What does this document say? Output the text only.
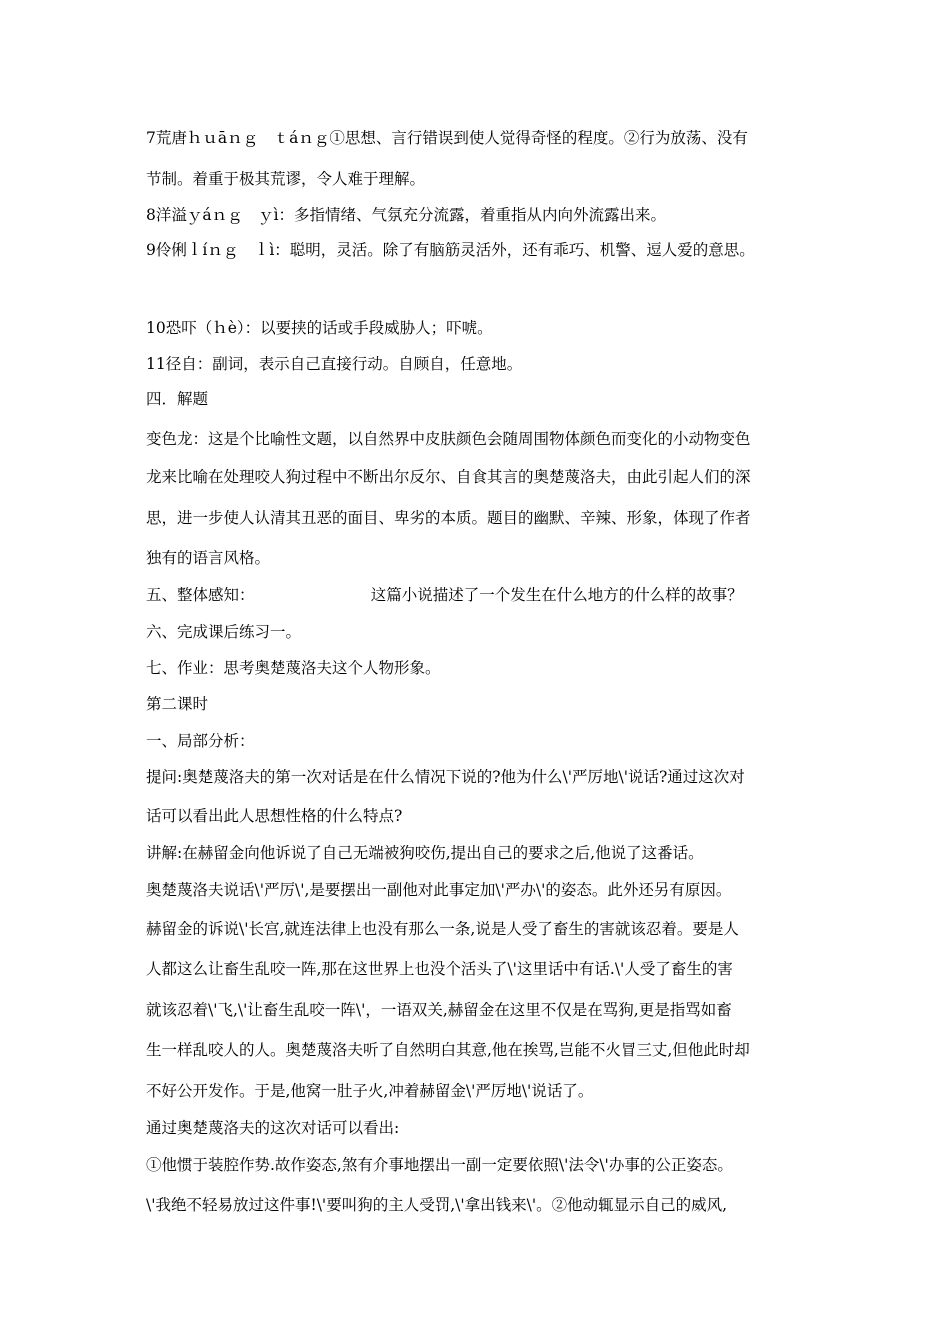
7荒唐ｈｕāｎｇ　ｔáｎｇ①思想、言行错误到使人觉得奇怪的程度。②行为放荡、没有
节制。着重于极其荒谬，令人难于理解。
8洋溢ｙáｎｇ　ｙì：多指情绪、气氛充分流露，着重指从内向外流露出来。
9伶俐ｌíｎｇ　ｌì：聪明，灵活。除了有脑筋灵活外，还有乖巧、机警、逗人爱的意思。
10恐吓（ｈè）：以要挟的话或手段威胁人；吓唬。
11径自：副词，表示自己直接行动。自顾自，任意地。
四．解题
变色龙：这是个比喻性文题，以自然界中皮肤颜色会随周围物体颜色而变化的小动物变色
龙来比喻在处理咬人狗过程中不断出尔反尔、自食其言的奥楚蔑洛夫，由此引起人们的深
思，进一步使人认清其丑恶的面目、卑劣的本质。题目的幽默、辛辣、形象，体现了作者
独有的语言风格。
五、整体感知：　　　　　　　　这篇小说描述了一个发生在什么地方的什么样的故事？
六、完成课后练习一。
七、作业：思考奥楚蔑洛夫这个人物形象。
第二课时
一、局部分析：
提问:奥楚蔑洛夫的第一次对话是在什么情况下说的?他为什么\'严厉地\'说话?通过这次对
话可以看出此人思想性格的什么特点?
讲解:在赫留金向他诉说了自己无端被狗咬伤,提出自己的要求之后,他说了这番话。
奥楚蔑洛夫说话\'严厉\',是要摆出一副他对此事定加\'严办\'的姿态。此外还另有原因。
赫留金的诉说\'长宫,就连法律上也没有那么一条,说是人受了畜生的害就该忍着。要是人
人都这么让畜生乱咬一阵,那在这世界上也没个活头了\'这里话中有话.\'人受了畜生的害
就该忍着\'飞,\'让畜生乱咬一阵\'，一语双关,赫留金在这里不仅是在骂狗,更是指骂如畜
生一样乱咬人的人。奥楚蔑洛夫听了自然明白其意,他在挨骂,岂能不火冒三丈,但他此时却
不好公开发作。于是,他窝一肚子火,冲着赫留金\'严厉地\'说话了。
通过奥楚蔑洛夫的这次对话可以看出:
①他惯于装腔作势.故作姿态,煞有介事地摆出一副一定要依照\'法令\'办事的公正姿态。
\'我绝不轻易放过这件事!\'要叫狗的主人受罚,\'拿出钱来\'。②他动辄显示自己的威风,
